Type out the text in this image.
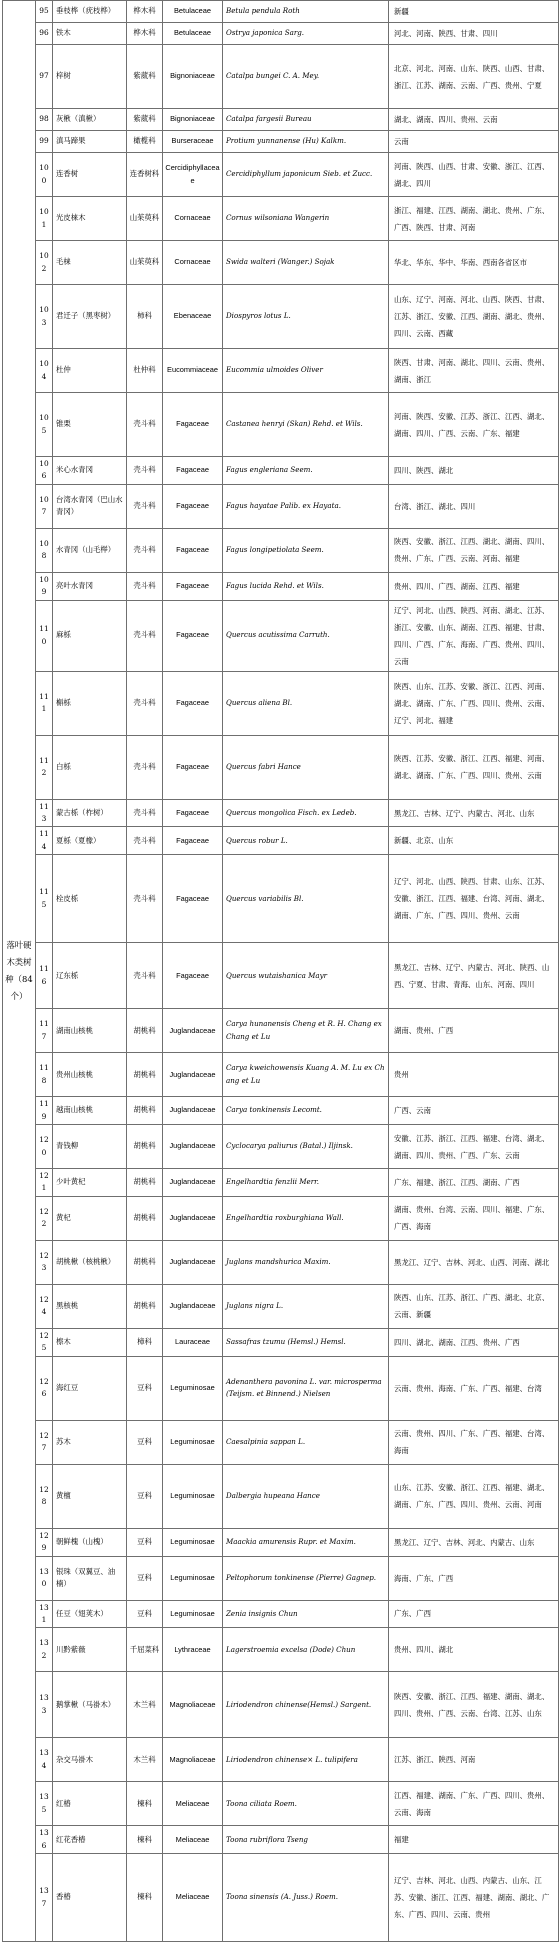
落叶硬木类树种（84个）	95	垂枝桦（疣枝桦）	桦木科	Betulaceae	Betula pendula Roth	新疆
	96	铁木	桦木科	Betulaceae	Ostrya japonica Sarg.	河北、河南、陕西、甘肃、四川
	97	梓树	紫葳科	Bignoniaceae	Catalpa bungei C. A. Mey.	北京、河北、河南、山东、陕西、山西、甘肃、浙江、江苏、湖南、云南、广西、贵州、宁夏
	98	灰楸（滇楸）	紫葳科	Bignoniaceae	Catalpa fargesii Bureau	湖北、湖南、四川、贵州、云南
	99	滇马蹄果	橄榄科	Burseraceae	Protium yunnanense (Hu) Kalkm.	云南
	100	连香树	连香树科	Cercidiphyllaceae	Cercidiphyllum japonicum Sieb. et Zucc.	河南、陕西、山西、甘肃、安徽、浙江、江西、湖北、四川
	101	光皮梾木	山茱萸科	Cornaceae	Cornus wilsoniana Wangerin	浙江、福建、江西、湖南、湖北、贵州、广东、广西、陕西、甘肃、河南
	102	毛梾	山茱萸科	Cornaceae	Swida walteri (Wanger.) Sojak	华北、华东、华中、华南、西南各省区市
	103	君迁子（黑枣树）	柿科	Ebenaceae	Diospyros lotus L.	山东、辽宁、河南、河北、山西、陕西、甘肃、江苏、浙江、安徽、江西、湖南、湖北、贵州、四川、云南、西藏
	104	杜仲	杜仲科	Eucommiaceae	Eucommia ulmoides Oliver	陕西、甘肃、河南、湖北、四川、云南、贵州、湖南、浙江
	105	锥栗	壳斗科	Fagaceae	Castanea henryi (Skan) Rehd. et Wils.	河南、陕西、安徽、江苏、浙江、江西、湖北、湖南、四川、广西、云南、广东、福建
	106	米心水青冈	壳斗科	Fagaceae	Fagus engleriana Seem.	四川、陕西、湖北
	107	台湾水青冈（巴山水青冈）	壳斗科	Fagaceae	Fagus hayatae Palib. ex Hayata.	台湾、浙江、湖北、四川
	108	水青冈（山毛榉）	壳斗科	Fagaceae	Fagus longipetiolata Seem.	陕西、安徽、浙江、江西、湖北、湖南、四川、贵州、广东、广西、云南、河南、福建
	109	亮叶水青冈	壳斗科	Fagaceae	Fagus lucida Rehd. et Wils.	贵州、四川、广西、湖南、江西、福建
	110	麻栎	壳斗科	Fagaceae	Quercus acutissima Carruth.	辽宁、河北、山西、陕西、河南、湖北、江苏、浙江、安徽、山东、湖南、江西、福建、甘肃、四川、广西、广东、海南、广西、贵州、四川、云南
	111	槲栎	壳斗科	Fagaceae	Quercus aliena Bl.	陕西、山东、江苏、安徽、浙江、江西、河南、湖北、湖南、广东、广西、四川、贵州、云南、辽宁、河北、福建
	112	白栎	壳斗科	Fagaceae	Quercus fabri Hance	陕西、江苏、安徽、浙江、江西、福建、河南、湖北、湖南、广东、广西、四川、贵州、云南
	113	蒙古栎（柞树）	壳斗科	Fagaceae	Quercus mongolica Fisch. ex Ledeb.	黑龙江、吉林、辽宁、内蒙古、河北、山东
	114	夏栎（夏橡）	壳斗科	Fagaceae	Quercus robur L.	新疆、北京、山东
	115	栓皮栎	壳斗科	Fagaceae	Quercus variabilis Bl.	辽宁、河北、山西、陕西、甘肃、山东、江苏、安徽、浙江、江西、福建、台湾、河南、湖北、湖南、广东、广西、四川、贵州、云南
	116	辽东栎	壳斗科	Fagaceae	Quercus wutaishanica Mayr	黑龙江、吉林、辽宁、内蒙古、河北、陕西、山西、宁夏、甘肃、青海、山东、河南、四川
	117	湖南山核桃	胡桃科	Juglandaceae	Carya hunanensis Cheng et R. H. Chang ex Chang et Lu	湖南、贵州、广西
	118	贵州山核桃	胡桃科	Juglandaceae	Carya kweichowensis Kuang A. M. Lu ex Chang et Lu	贵州
	119	越南山核桃	胡桃科	Juglandaceae	Carya tonkinensis Lecomt.	广西、云南
	120	青钱柳	胡桃科	Juglandaceae	Cyclocarya paliurus (Batal.) Iljinsk.	安徽、江苏、浙江、江西、福建、台湾、湖北、湖南、四川、贵州、广西、广东、云南
	121	少叶黄杞	胡桃科	Juglandaceae	Engelhardtia fenzlii Merr.	广东、福建、浙江、江西、湖南、广西
	122	黄杞	胡桃科	Juglandaceae	Engelhardtia roxburghiana Wall.	湖南、贵州、台湾、云南、四川、福建、广东、广西、海南
	123	胡桃楸（核桃楸）	胡桃科	Juglandaceae	Juglans mandshurica Maxim.	黑龙江、辽宁、吉林、河北、山西、河南、湖北
	124	黑核桃	胡桃科	Juglandaceae	Juglans nigra L.	陕西、山东、江苏、浙江、广西、湖北、北京、云南、新疆
	125	檫木	樟科	Lauraceae	Sassafras tzumu (Hemsl.) Hemsl.	四川、湖北、湖南、江西、贵州、广西
	126	海红豆	豆科	Leguminosae	Adenanthera pavonina L. var. microsperma (Teijsm. et Binnend.) Nielsen	云南、贵州、海南、广东、广西、福建、台湾
	127	苏木	豆科	Leguminosae	Caesalpinia sappan L.	云南、贵州、四川、广东、广西、福建、台湾、海南
	128	黄檀	豆科	Leguminosae	Dalbergia hupeana Hance	山东、江苏、安徽、浙江、江西、福建、湖北、湖南、广东、广西、四川、贵州、云南、河南
	129	朝鲜槐（山槐）	豆科	Leguminosae	Maackia amurensis Rupr. et Maxim.	黑龙江、辽宁、吉林、河北、内蒙古、山东
	130	银珠（双翼豆、油楠）	豆科	Leguminosae	Peltophorum tonkinense (Pierre) Gagnep.	海南、广东、广西
	131	任豆（翅荚木）	豆科	Leguminosae	Zenia insignis Chun	广东、广西
	132	川黔紫薇	千屈菜科	Lythraceae	Lagerstroemia excelsa (Dode) Chun	贵州、四川、湖北
	133	鹅掌楸（马褂木）	木兰科	Magnoliaceae	Liriodendron chinense(Hemsl.) Sargent.	陕西、安徽、浙江、江西、福建、湖南、湖北、四川、贵州、广西、云南、台湾、江苏、山东
	134	杂交马褂木	木兰科	Magnoliaceae	Liriodendron chinense× L. tulipifera	江苏、浙江、陕西、河南
	135	红椿	楝科	Meliaceae	Toona ciliata Roem.	江西、福建、湖南、广东、广西、四川、贵州、云南、海南
	136	红花香椿	楝科	Meliaceae	Toona rubriflora Tseng	福建
	137	香椿	楝科	Meliaceae	Toona sinensis (A. Juss.) Roem.	辽宁、吉林、河北、山西、内蒙古、山东、江苏、安徽、浙江、江西、福建、湖南、湖北、广东、广西、四川、云南、贵州
